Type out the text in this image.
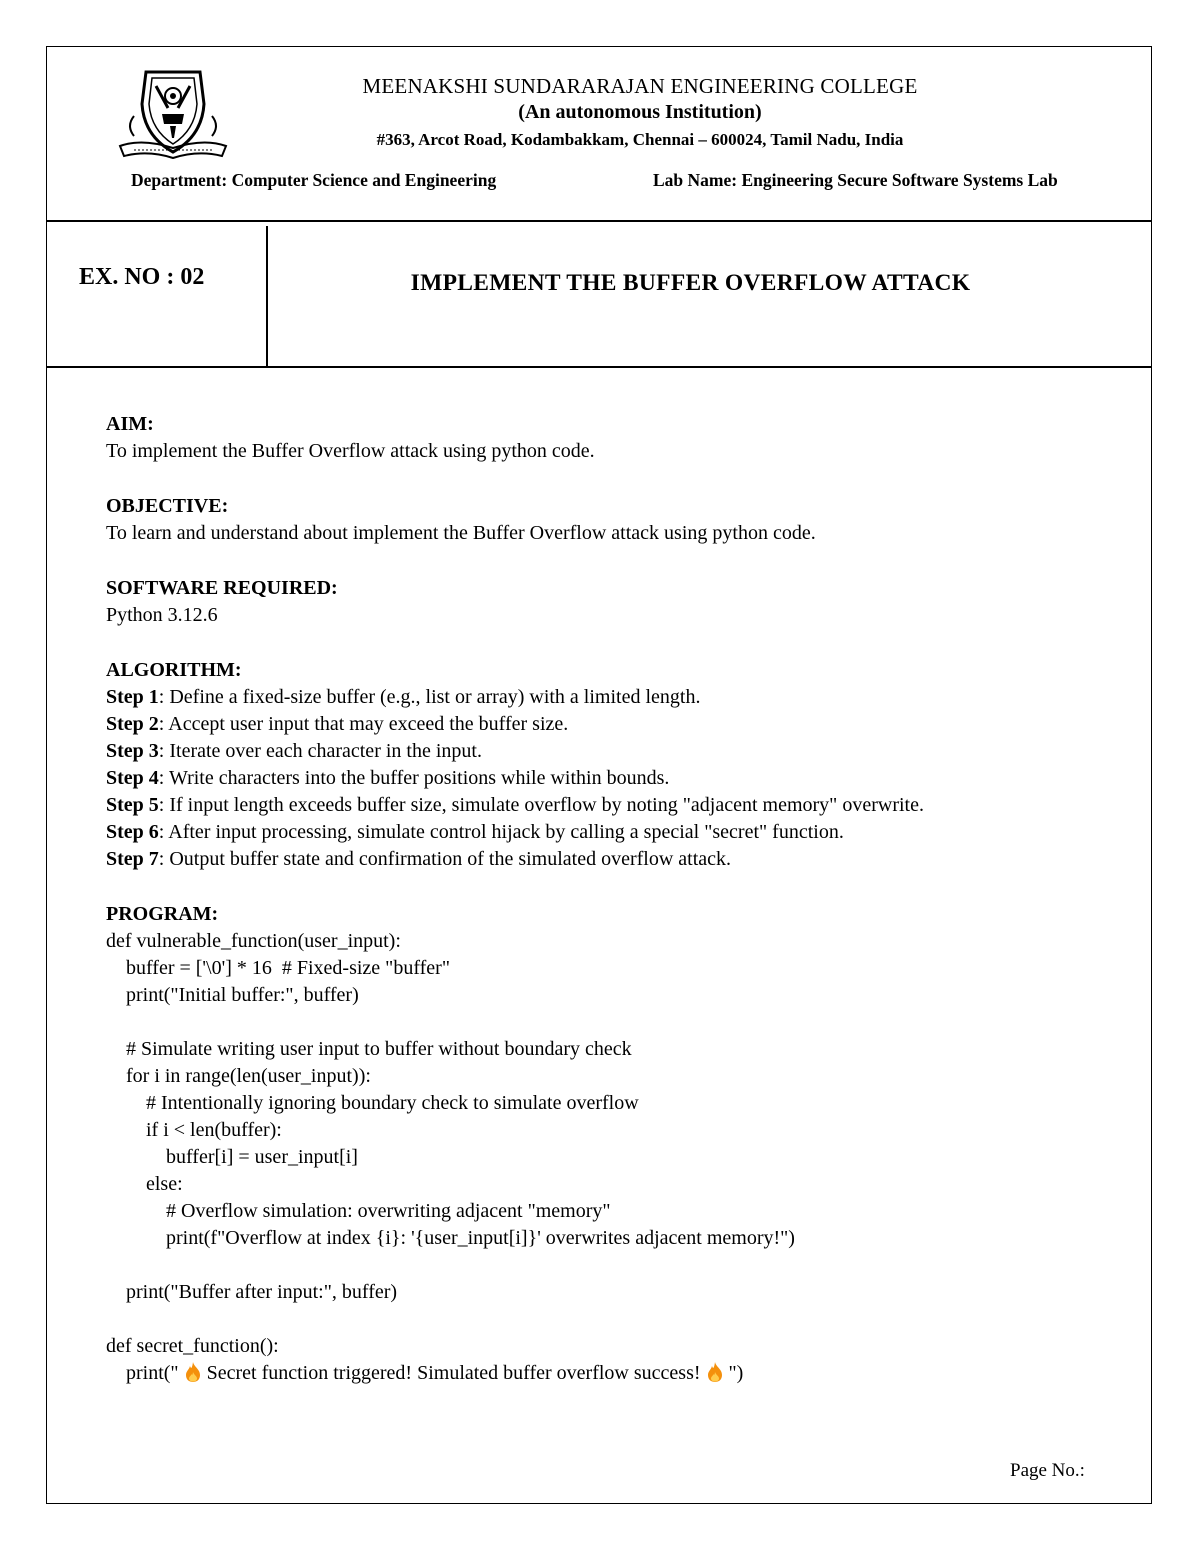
MEENAKSHI SUNDARARAJAN ENGINEERING COLLEGE
(An autonomous Institution)
#363, Arcot Road, Kodambakkam, Chennai – 600024, Tamil Nadu, India
Department: Computer Science and Engineering	Lab Name: Engineering Secure Software Systems Lab
EX. NO : 02	IMPLEMENT THE BUFFER OVERFLOW ATTACK
AIM:
To implement the Buffer Overflow attack using python code.
OBJECTIVE:
To learn and understand about implement the Buffer Overflow attack using python code.
SOFTWARE REQUIRED:
Python 3.12.6
ALGORITHM:
Step 1: Define a fixed-size buffer (e.g., list or array) with a limited length.
Step 2: Accept user input that may exceed the buffer size.
Step 3: Iterate over each character in the input.
Step 4: Write characters into the buffer positions while within bounds.
Step 5: If input length exceeds buffer size, simulate overflow by noting "adjacent memory" overwrite.
Step 6: After input processing, simulate control hijack by calling a special "secret" function.
Step 7: Output buffer state and confirmation of the simulated overflow attack.
PROGRAM:
def vulnerable_function(user_input):
buffer = ['\0'] * 16  # Fixed-size "buffer"
print("Initial buffer:", buffer)

# Simulate writing user input to buffer without boundary check
for i in range(len(user_input)):
# Intentionally ignoring boundary check to simulate overflow
if i < len(buffer):
buffer[i] = user_input[i]
else:
# Overflow simulation: overwriting adjacent "memory"
print(f"Overflow at index {i}: '{user_input[i]}' overwrites adjacent memory!")

print("Buffer after input:", buffer)

def secret_function():
print("  Secret function triggered! Simulated buffer overflow success!  ")
Page No.:
